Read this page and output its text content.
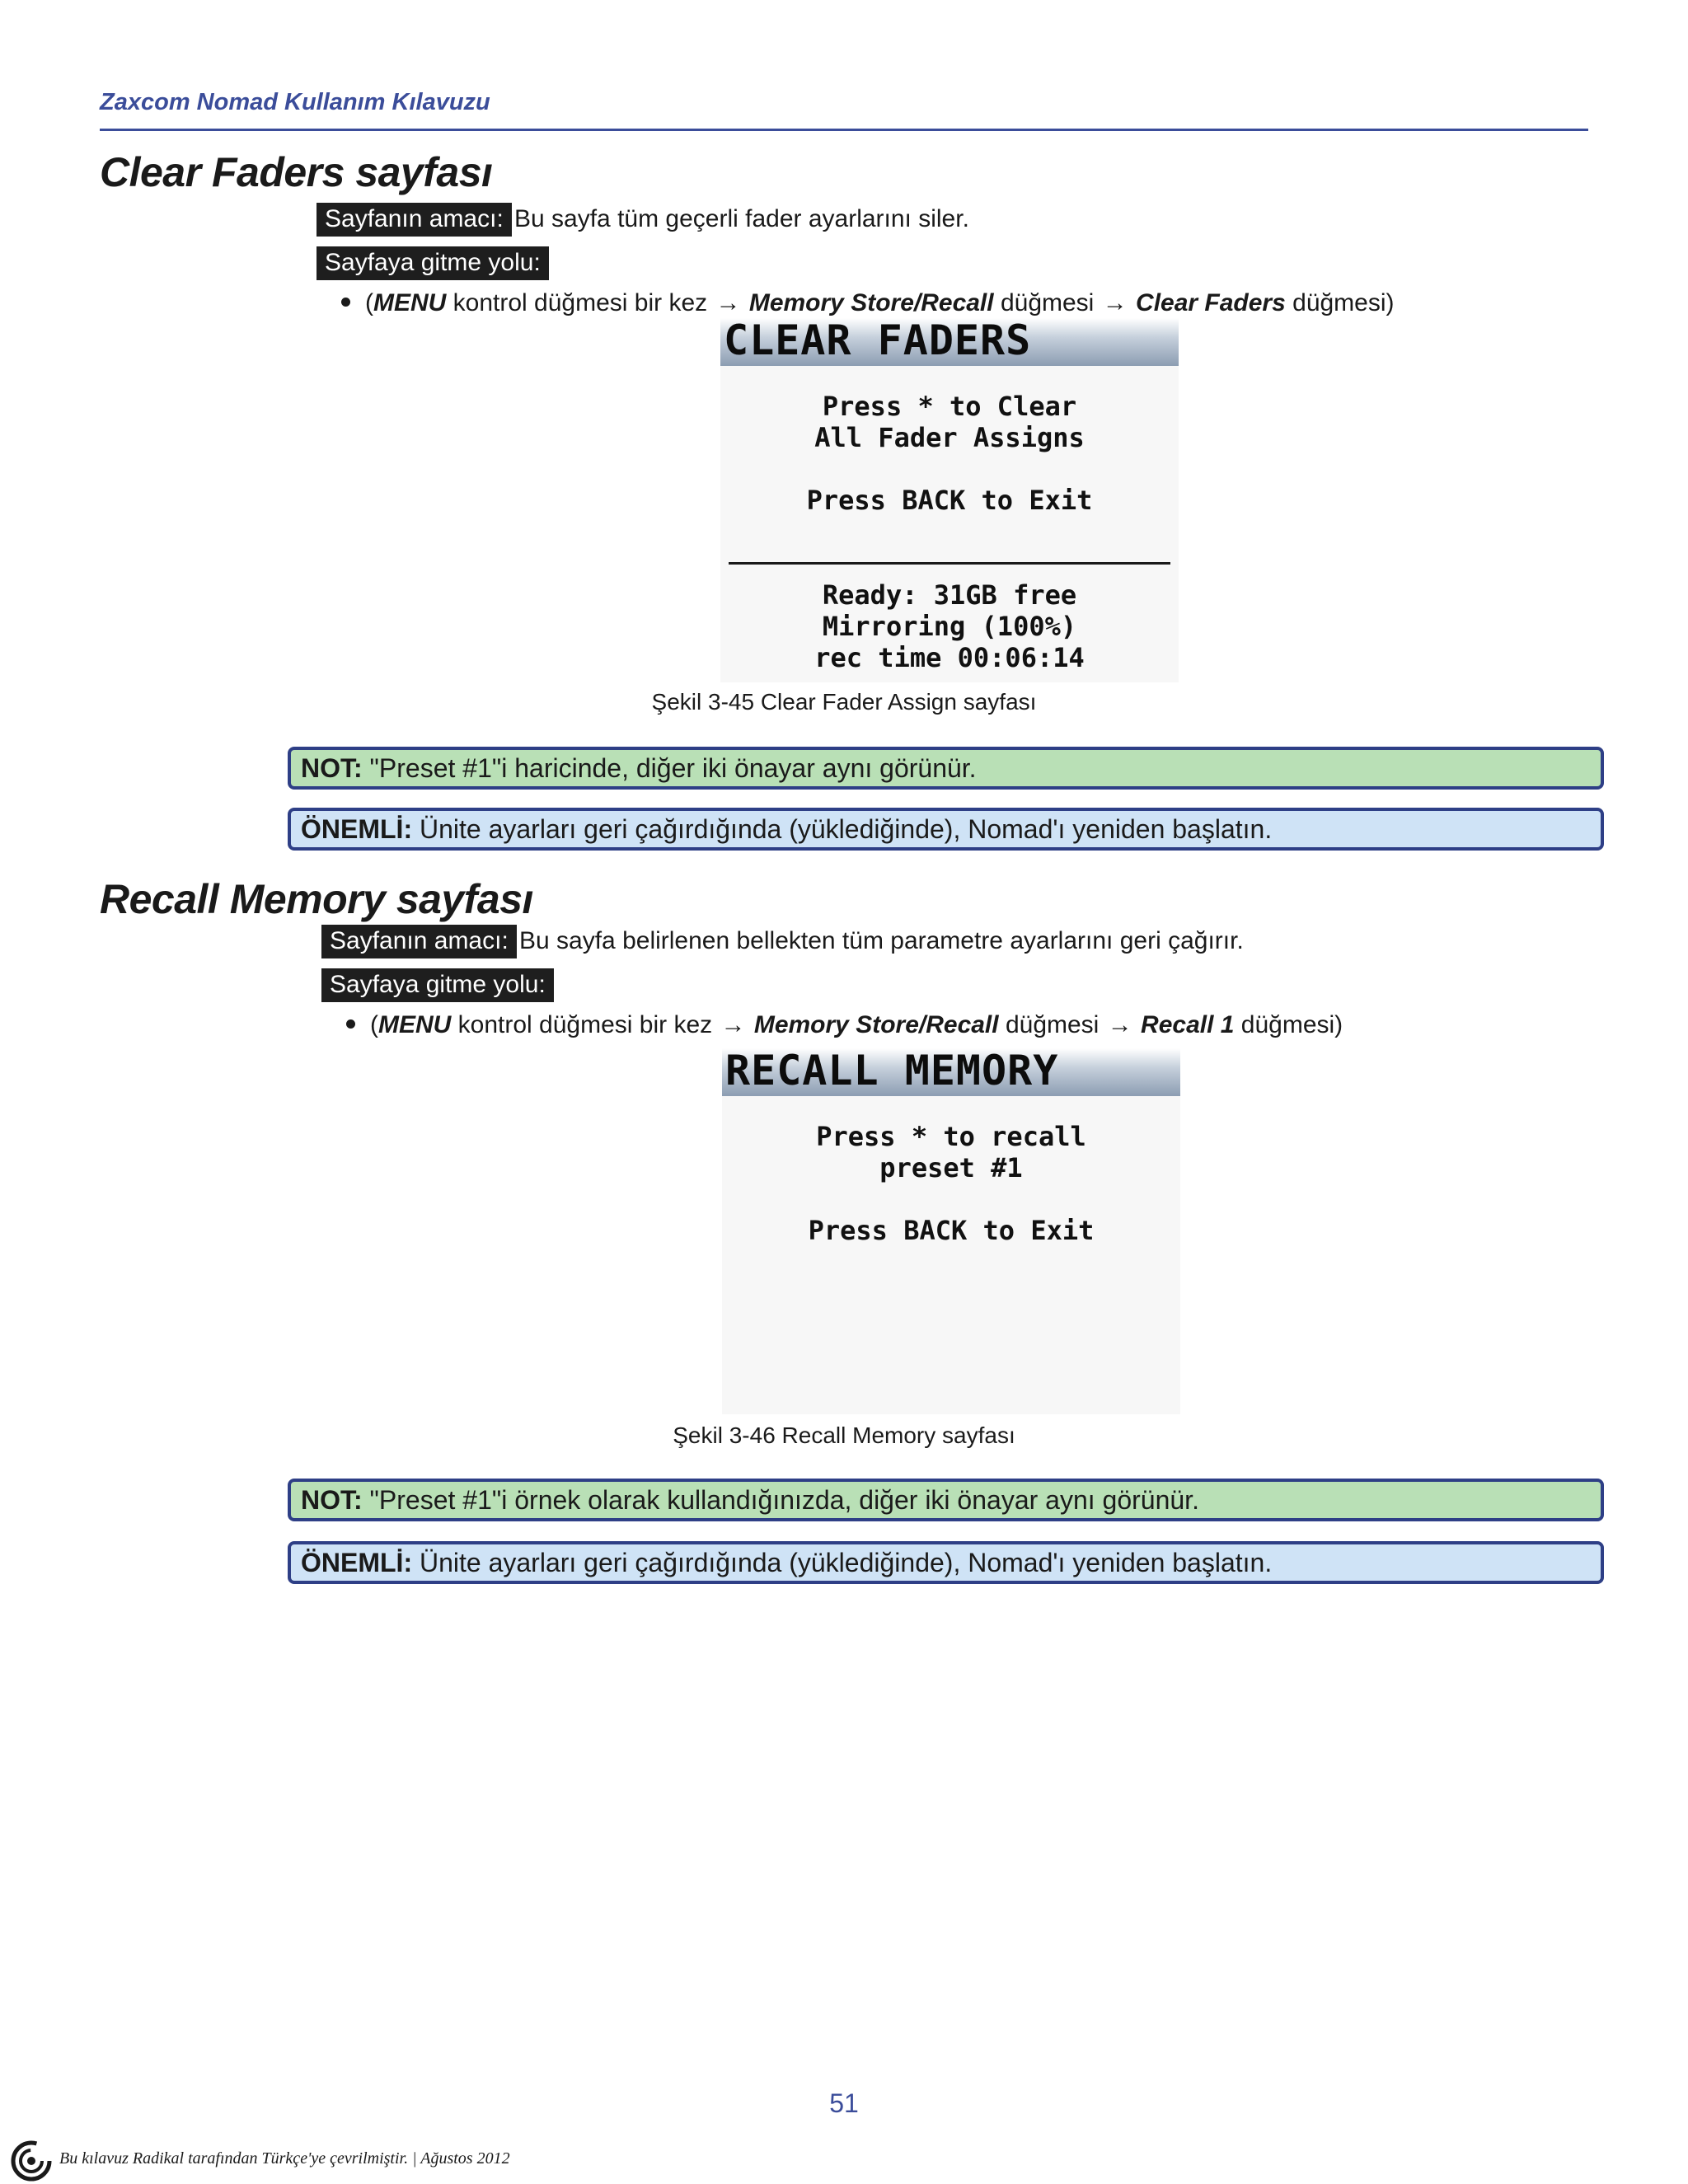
Zaxcom Nomad Kullanım Kılavuzu
Clear Faders sayfası
Sayfanın amacı: Bu sayfa tüm geçerli fader ayarlarını siler.
Sayfaya gitme yolu:
(MENU kontrol düğmesi bir kez → Memory Store/Recall düğmesi → Clear Faders düğmesi)
CLEAR FADERS
Press * to Clear
All Fader Assigns
Press BACK to Exit
Ready: 31GB free
Mirroring (100%)
rec time 00:06:14
Şekil 3-45 Clear Fader Assign sayfası
NOT: "Preset #1"i haricinde, diğer iki önayar aynı görünür.
ÖNEMLİ: Ünite ayarları geri çağırdığında (yüklediğinde), Nomad'ı yeniden başlatın.
Recall Memory sayfası
Sayfanın amacı: Bu sayfa belirlenen bellekten tüm parametre ayarlarını geri çağırır.
Sayfaya gitme yolu:
(MENU kontrol düğmesi bir kez → Memory Store/Recall düğmesi → Recall 1 düğmesi)
RECALL MEMORY
Press * to recall
preset #1
Press BACK to Exit
Şekil 3-46 Recall Memory sayfası
NOT: "Preset #1"i örnek olarak kullandığınızda, diğer iki önayar aynı görünür.
ÖNEMLİ: Ünite ayarları geri çağırdığında (yüklediğinde), Nomad'ı yeniden başlatın.
51
Bu kılavuz Radikal tarafından Türkçe'ye çevrilmiştir. | Ağustos 2012
